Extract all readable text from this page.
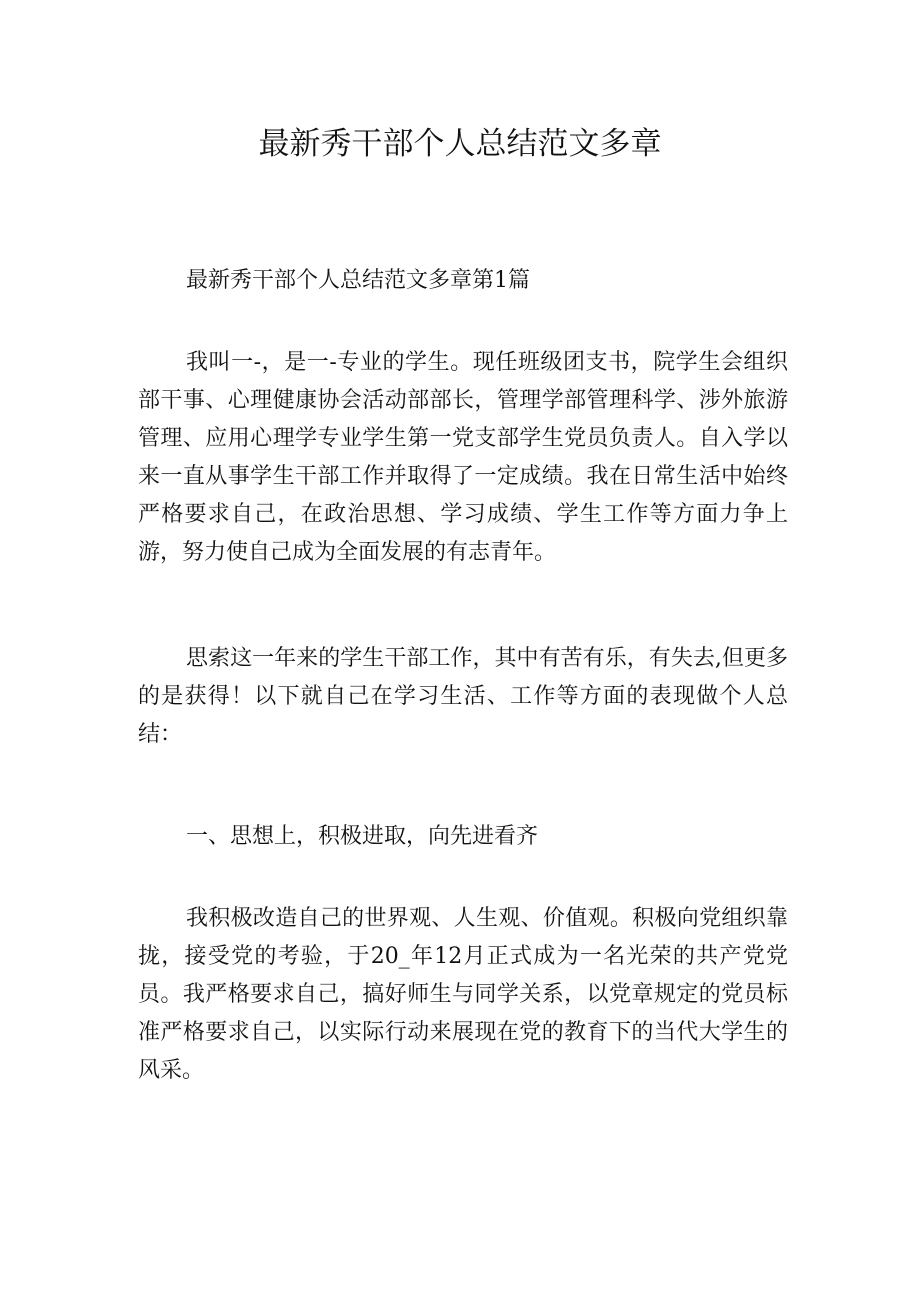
最新秀干部个人总结范文多章

最新秀干部个人总结范文多章第1篇

我叫一-，是一-专业的学生。现任班级团支书，院学生会组织部干事、心理健康协会活动部部长，管理学部管理科学、涉外旅游管理、应用心理学专业学生第一党支部学生党员负责人。自入学以来一直从事学生干部工作并取得了一定成绩。我在日常生活中始终严格要求自己，在政治思想、学习成绩、学生工作等方面力争上游，努力使自己成为全面发展的有志青年。

思索这一年来的学生干部工作，其中有苦有乐，有失去,但更多的是获得！以下就自己在学习生活、工作等方面的表现做个人总结：

一、思想上，积极进取，向先进看齐

我积极改造自己的世界观、人生观、价值观。积极向党组织靠拢，接受党的考验，于20_年12月正式成为一名光荣的共产党党员。我严格要求自己，搞好师生与同学关系，以党章规定的党员标准严格要求自己，以实际行动来展现在党的教育下的当代大学生的风采。
